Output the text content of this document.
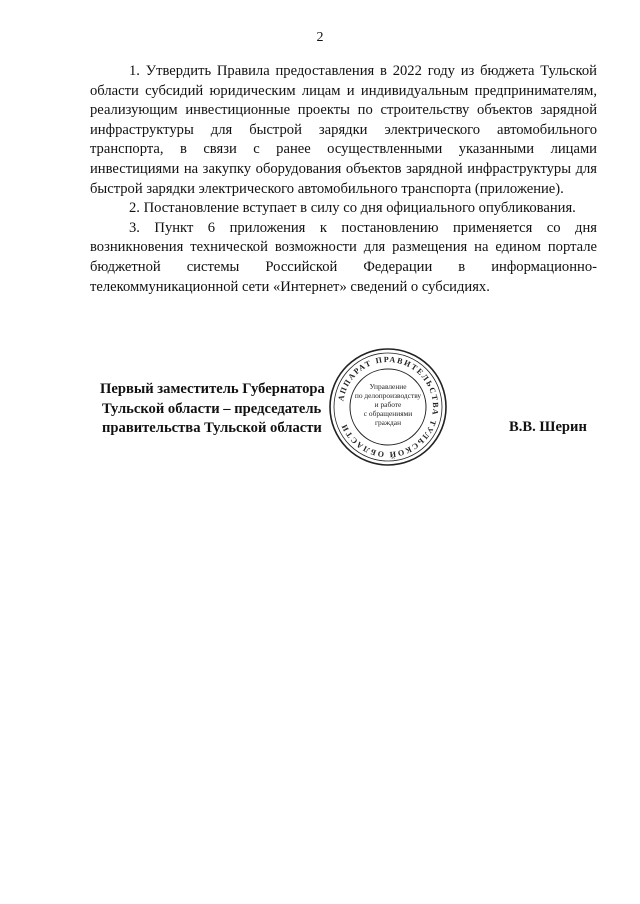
2

1. Утвердить Правила предоставления в 2022 году из бюджета Тульской области субсидий юридическим лицам и индивидуальным предпринимателям, реализующим инвестиционные проекты по строительству объектов зарядной инфраструктуры для быстрой зарядки электрического автомобильного транспорта, в связи с ранее осуществленными указанными лицами инвестициями на закупку оборудования объектов зарядной инфраструктуры для быстрой зарядки электрического автомобильного транспорта (приложение).

2. Постановление вступает в силу со дня официального опубликования.

3. Пункт 6 приложения к постановлению применяется со дня возникновения технической возможности для размещения на едином портале бюджетной системы Российской Федерации в информационно-телекоммуникационной сети «Интернет» сведений о субсидиях.

Первый заместитель Губернатора
Тульской области – председатель
правительства Тульской области	В.В. Шерин
АППАРАТ ПРАВИТЕЛЬСТВА ТУЛЬСКОЙ ОБЛАСТИ
Управление
по делопроизводству
и работе
с обращениями
граждан
